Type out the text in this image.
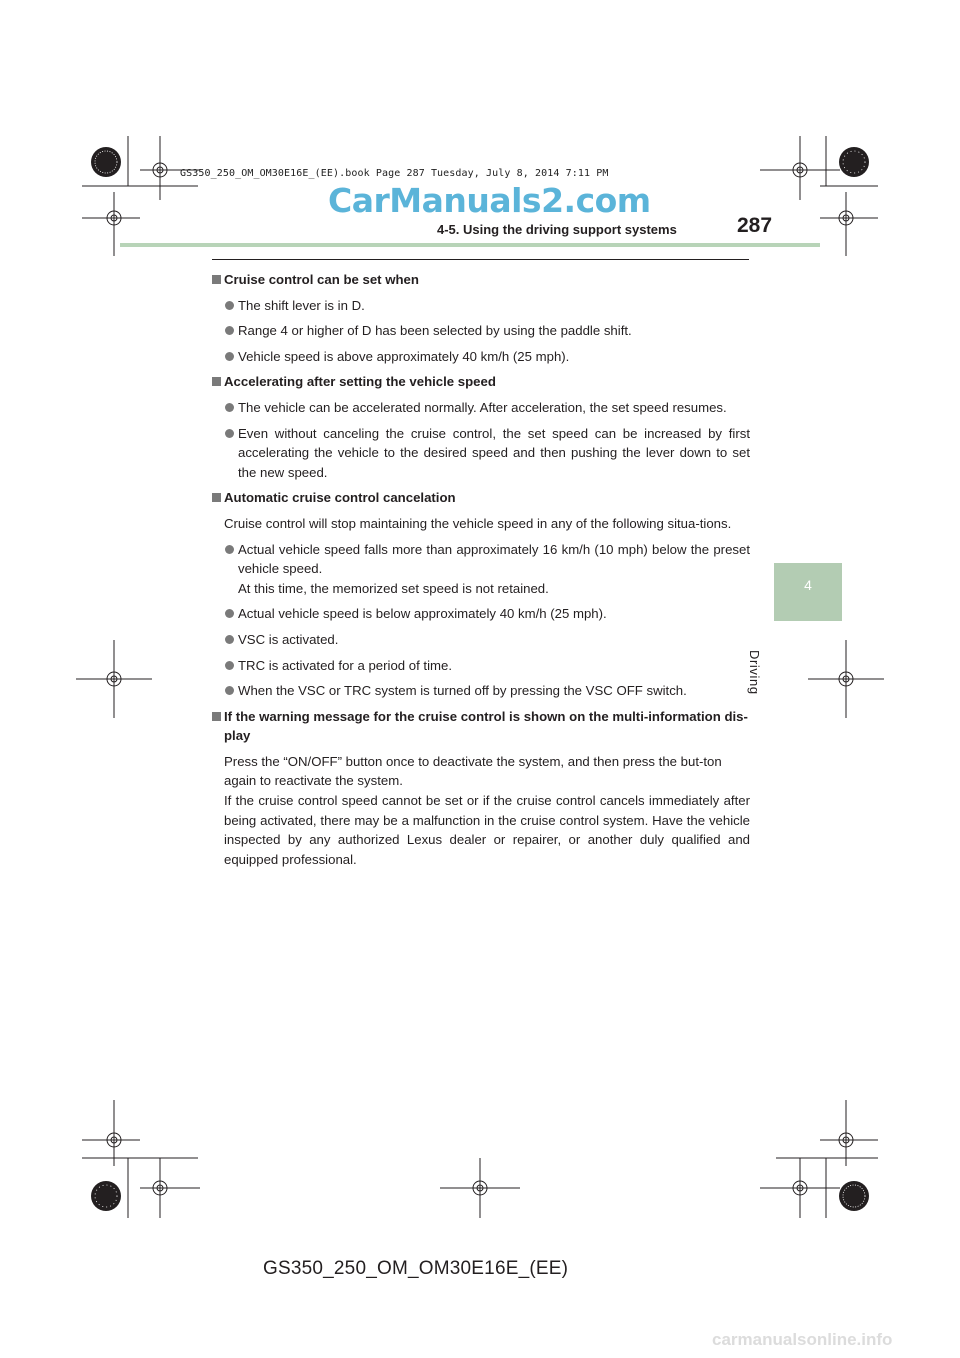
GS350_250_OM_OM30E16E_(EE).book Page 287 Tuesday, July 8, 2014 7:11 PM
CarManuals2.com
4-5. Using the driving support systems	287
4
Driving
Cruise control can be set when
The shift lever is in D.
Range 4 or higher of D has been selected by using the paddle shift.
Vehicle speed is above approximately 40 km/h (25 mph).
Accelerating after setting the vehicle speed
The vehicle can be accelerated normally. After acceleration, the set speed resumes.
Even without canceling the cruise control, the set speed can be increased by first accelerating the vehicle to the desired speed and then pushing the lever down to set the new speed.
Automatic cruise control cancelation
Cruise control will stop maintaining the vehicle speed in any of the following situa-tions.
Actual vehicle speed falls more than approximately 16 km/h (10 mph) below the preset vehicle speed.
At this time, the memorized set speed is not retained.
Actual vehicle speed is below approximately 40 km/h (25 mph).
VSC is activated.
TRC is activated for a period of time.
When the VSC or TRC system is turned off by pressing the VSC OFF switch.
If the warning message for the cruise control is shown on the multi-information dis-play
Press the “ON/OFF” button once to deactivate the system, and then press the but-ton again to reactivate the system.
If the cruise control speed cannot be set or if the cruise control cancels immediately after being activated, there may be a malfunction in the cruise control system. Have the vehicle inspected by any authorized Lexus dealer or repairer, or another duly qualified and equipped professional.
GS350_250_OM_OM30E16E_(EE)
carmanualsonline.info
